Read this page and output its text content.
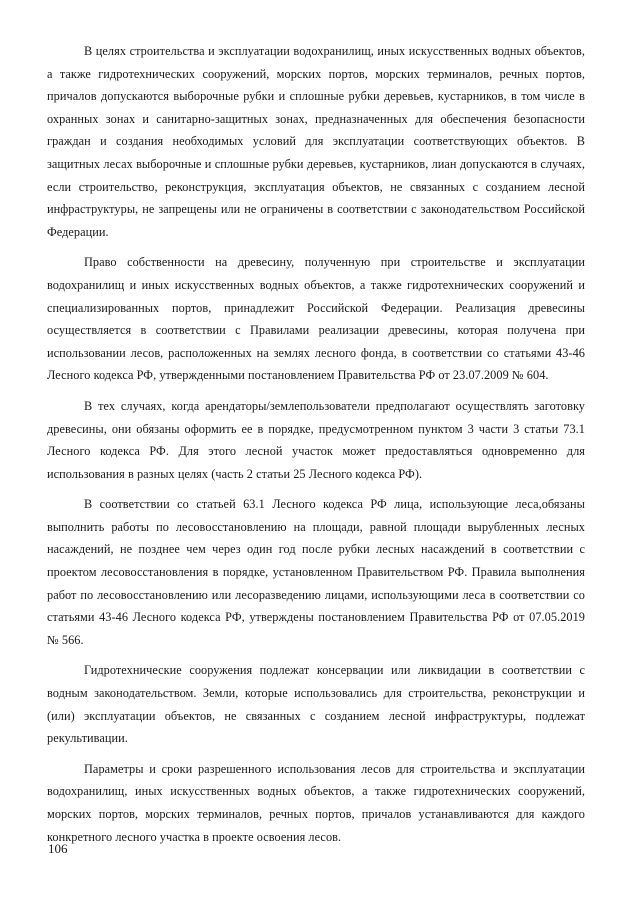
В целях строительства и эксплуатации водохранилищ, иных искусственных водных объектов, а также гидротехнических сооружений, морских портов, морских терминалов, речных портов, причалов допускаются выборочные рубки и сплошные рубки деревьев, кустарников, в том числе в охранных зонах и санитарно-защитных зонах, предназначенных для обеспечения безопасности граждан и создания необходимых условий для эксплуатации соответствующих объектов. В защитных лесах выборочные и сплошные рубки деревьев, кустарников, лиан допускаются в случаях, если строительство, реконструкция, эксплуатация объектов, не связанных с созданием лесной инфраструктуры, не запрещены или не ограничены в соответствии с законодательством Российской Федерации.

Право собственности на древесину, полученную при строительстве и эксплуатации водохранилищ и иных искусственных водных объектов, а также гидротехнических сооружений и специализированных портов, принадлежит Российской Федерации. Реализация древесины осуществляется в соответствии с Правилами реализации древесины, которая получена при использовании лесов, расположенных на землях лесного фонда, в соответствии со статьями 43-46 Лесного кодекса РФ, утвержденными постановлением Правительства РФ от 23.07.2009 № 604.

В тех случаях, когда арендаторы/землепользователи предполагают осуществлять заготовку древесины, они обязаны оформить ее в порядке, предусмотренном пунктом 3 части 3 статьи 73.1 Лесного кодекса РФ. Для этого лесной участок может предоставляться одновременно для использования в разных целях (часть 2 статьи 25 Лесного кодекса РФ).

В соответствии со статьей 63.1 Лесного кодекса РФ лица, использующие леса,обязаны выполнить работы по лесовосстановлению на площади, равной площади вырубленных лесных насаждений, не позднее чем через один год после рубки лесных насаждений в соответствии с проектом лесовосстановления в порядке, установленном Правительством РФ. Правила выполнения работ по лесовосстановлению или лесоразведению лицами, использующими леса в соответствии со статьями 43-46 Лесного кодекса РФ, утверждены постановлением Правительства РФ от 07.05.2019 № 566.

Гидротехнические сооружения подлежат консервации или ликвидации в соответствии с водным законодательством. Земли, которые использовались для строительства, реконструкции и (или) эксплуатации объектов, не связанных с созданием лесной инфраструктуры, подлежат рекультивации.

Параметры и сроки разрешенного использования лесов для строительства и эксплуатации водохранилищ, иных искусственных водных объектов, а также гидротехнических сооружений, морских портов, морских терминалов, речных портов, причалов устанавливаются для каждого конкретного лесного участка в проекте освоения лесов.

106
